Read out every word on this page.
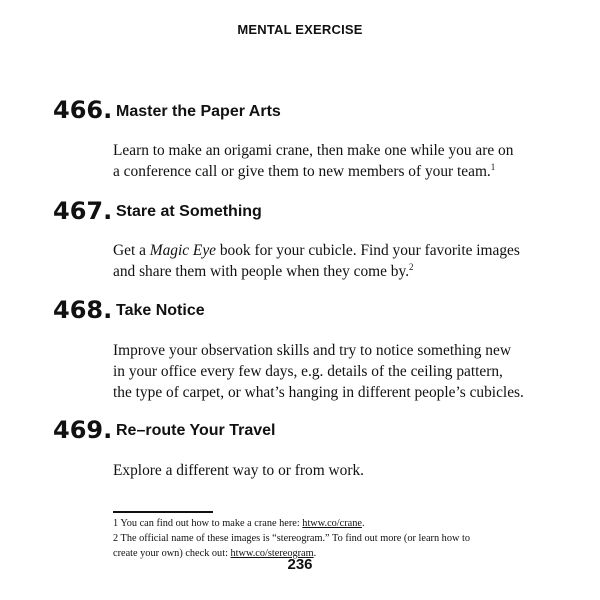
MENTAL EXERCISE
466. Master the Paper Arts
Learn to make an origami crane, then make one while you are on
a conference call or give them to new members of your team.$^1$
467. Stare at Something
Get a Magic Eye book for your cubicle. Find your favorite images
and share them with people when they come by.$^2$
468. Take Notice
Improve your observation skills and try to notice something new
in your office every few days, e.g. details of the ceiling pattern,
the type of carpet, or what’s hanging in different people’s cubicles.
469. Re–route Your Travel
Explore a different way to or from work.
1 You can find out how to make a crane here: htww.co/crane.
2 The official name of these images is “stereogram.” To find out more (or learn how to
create your own) check out: htww.co/stereogram.
236
